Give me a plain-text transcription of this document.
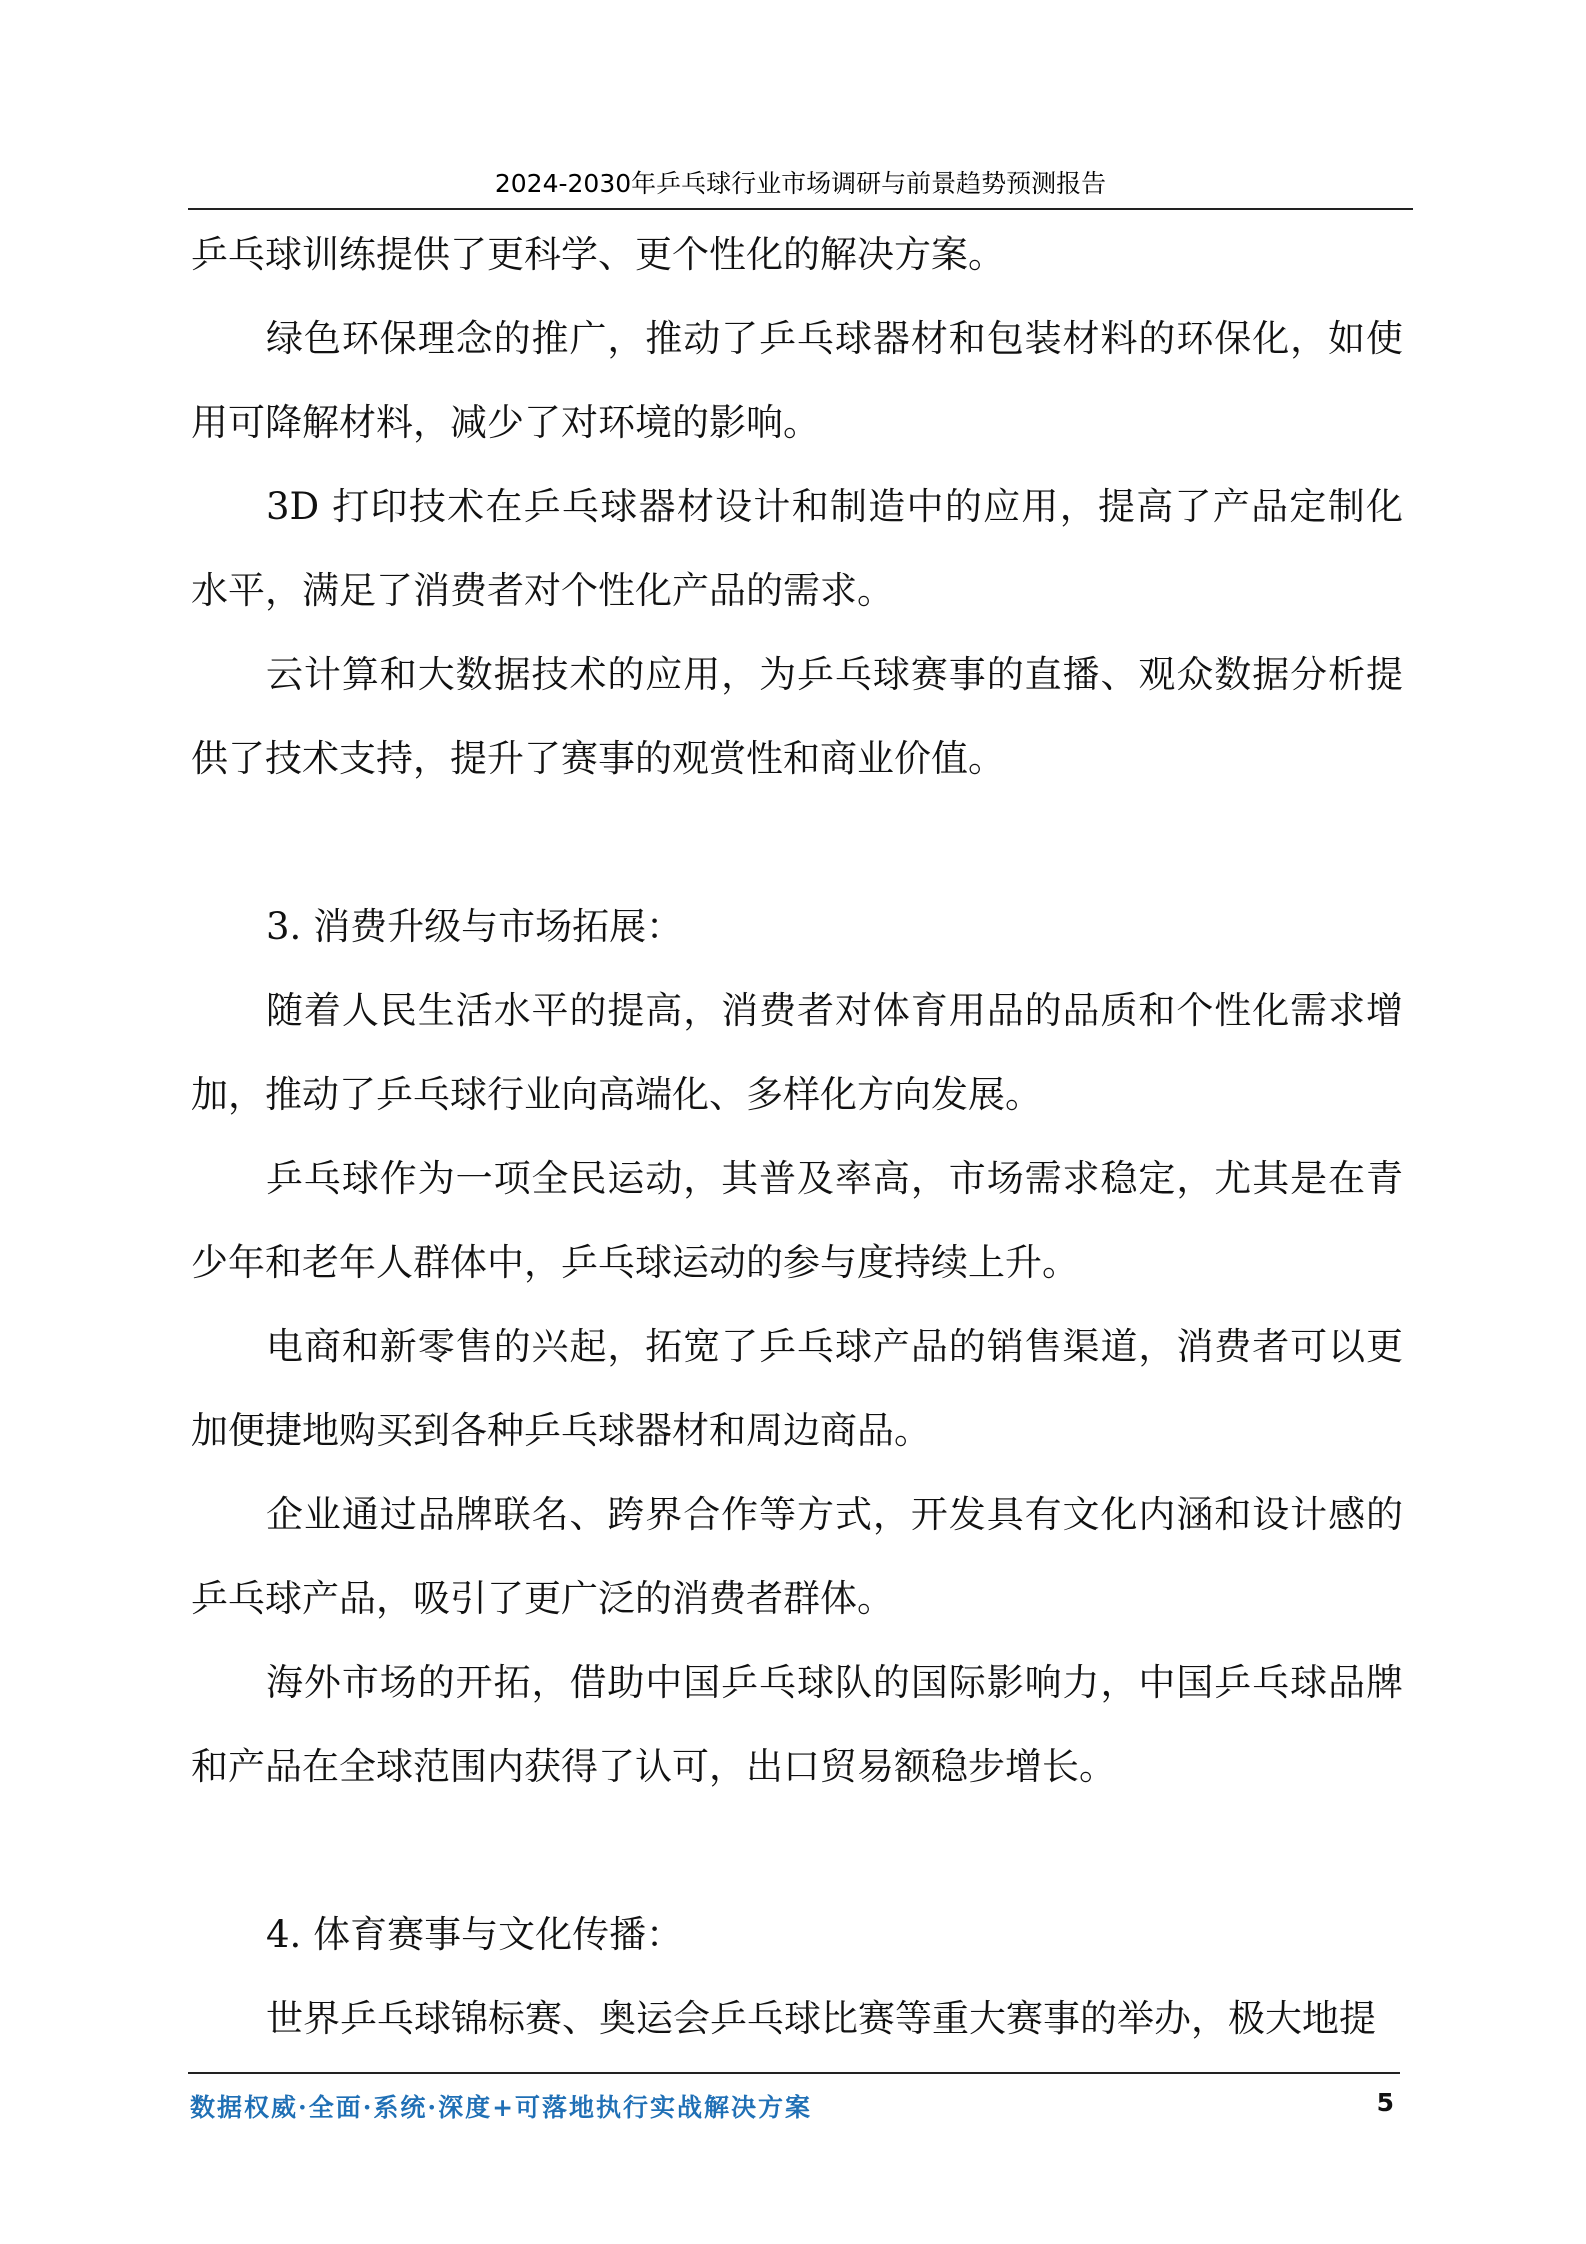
2024-2030年乒乓球行业市场调研与前景趋势预测报告

乒乓球训练提供了更科学、更个性化的解决方案。

绿色环保理念的推广，推动了乒乓球器材和包装材料的环保化，如使用可降解材料，减少了对环境的影响。

3D 打印技术在乒乓球器材设计和制造中的应用，提高了产品定制化水平，满足了消费者对个性化产品的需求。

云计算和大数据技术的应用，为乒乓球赛事的直播、观众数据分析提供了技术支持，提升了赛事的观赏性和商业价值。

3. 消费升级与市场拓展：

随着人民生活水平的提高，消费者对体育用品的品质和个性化需求增加，推动了乒乓球行业向高端化、多样化方向发展。

乒乓球作为一项全民运动，其普及率高，市场需求稳定，尤其是在青少年和老年人群体中，乒乓球运动的参与度持续上升。

电商和新零售的兴起，拓宽了乒乓球产品的销售渠道，消费者可以更加便捷地购买到各种乒乓球器材和周边商品。

企业通过品牌联名、跨界合作等方式，开发具有文化内涵和设计感的乒乓球产品，吸引了更广泛的消费者群体。

海外市场的开拓，借助中国乒乓球队的国际影响力，中国乒乓球品牌和产品在全球范围内获得了认可，出口贸易额稳步增长。

4. 体育赛事与文化传播：

世界乒乓球锦标赛、奥运会乒乓球比赛等重大赛事的举办，极大地提

数据权威·全面·系统·深度+可落地执行实战解决方案	5
